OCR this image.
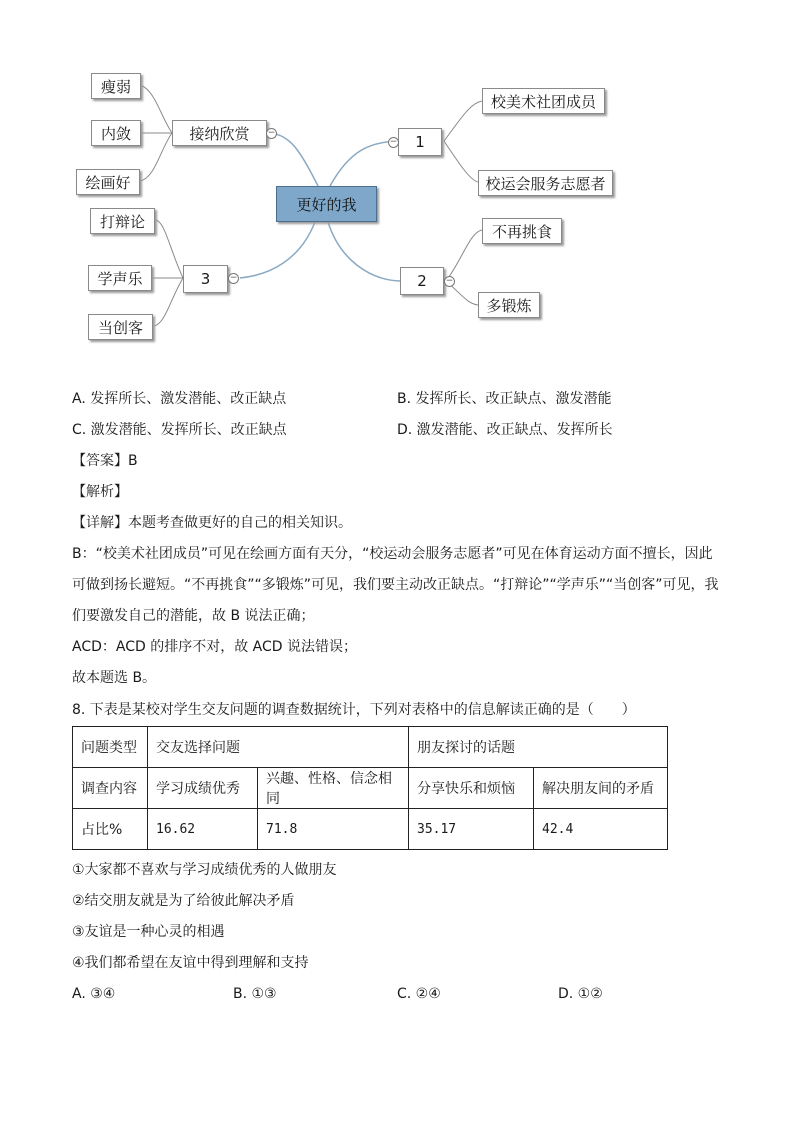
更好的我
接纳欣赏	−
瘦弱
内敛
绘画好
1
−
校美术社团成员
校运会服务志愿者
2	−
不再挑食
多锻炼
3	−
打辩论
学声乐
当创客
A. 发挥所长、激发潜能、改正缺点	B. 发挥所长、改正缺点、激发潜能
C. 激发潜能、发挥所长、改正缺点	D. 激发潜能、改正缺点、发挥所长
【答案】B
【解析】
【详解】本题考查做更好的自己的相关知识。
B：“校美术社团成员”可见在绘画方面有天分，“校运动会服务志愿者”可见在体育运动方面不擅长，因此
可做到扬长避短。“不再挑食”“多锻炼”可见，我们要主动改正缺点。“打辩论”“学声乐”“当创客”可见，我
们要激发自己的潜能，故 B 说法正确；
ACD：ACD 的排序不对，故 ACD 说法错误；
故本题选 B。
8. 下表是某校对学生交友问题的调查数据统计，下列对表格中的信息解读正确的是（　　）
问题类型	交友选择问题		朋友探讨的话题	
调查内容	学习成绩优秀	兴趣、性格、信念相同	分享快乐和烦恼	解决朋友间的矛盾
占比%	16.62	71.8	35.17	42.4
①大家都不喜欢与学习成绩优秀的人做朋友
②结交朋友就是为了给彼此解决矛盾
③友谊是一种心灵的相遇
④我们都希望在友谊中得到理解和支持
A. ③④	B. ①③	C. ②④	D. ①②
